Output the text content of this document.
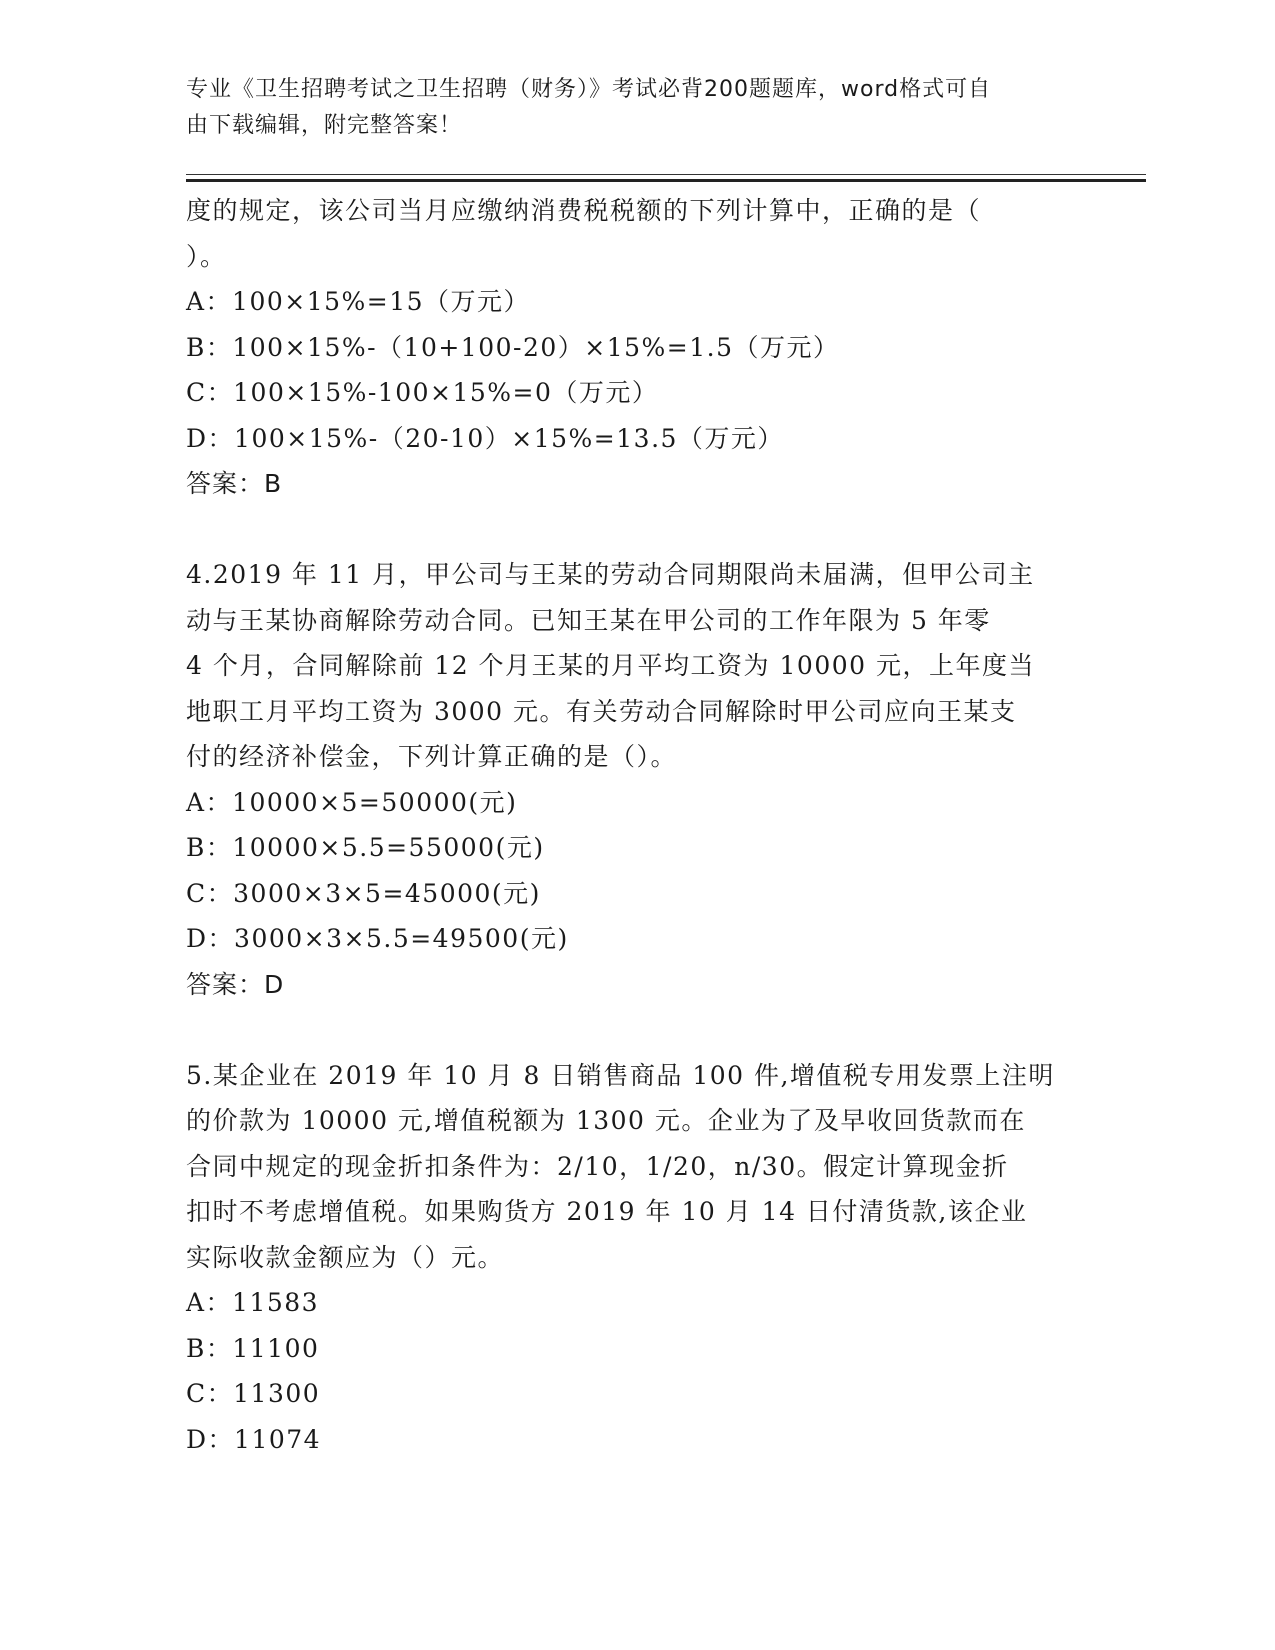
专业《卫生招聘考试之卫生招聘（财务）》考试必背200题题库，word格式可自
由下载编辑，附完整答案！
度的规定，该公司当月应缴纳消费税税额的下列计算中，正确的是（
）。
A：100×15%=15（万元）
B：100×15%-（10+100-20）×15%=1.5（万元）
C：100×15%-100×15%=0（万元）
D：100×15%-（20-10）×15%=13.5（万元）
答案：B
4.2019 年 11 月，甲公司与王某的劳动合同期限尚未届满，但甲公司主
动与王某协商解除劳动合同。已知王某在甲公司的工作年限为 5 年零
4 个月，合同解除前 12 个月王某的月平均工资为 10000 元，上年度当
地职工月平均工资为 3000 元。有关劳动合同解除时甲公司应向王某支
付的经济补偿金，下列计算正确的是（）。
A：10000×5=50000(元)
B：10000×5.5=55000(元)
C：3000×3×5=45000(元)
D：3000×3×5.5=49500(元)
答案：D
5.某企业在 2019 年 10 月 8 日销售商品 100 件,增值税专用发票上注明
的价款为 10000 元,增值税额为 1300 元。企业为了及早收回货款而在
合同中规定的现金折扣条件为：2/10，1/20，n/30。假定计算现金折
扣时不考虑增值税。如果购货方 2019 年 10 月 14 日付清货款,该企业
实际收款金额应为（）元。
A：11583
B：11100
C：11300
D：11074
